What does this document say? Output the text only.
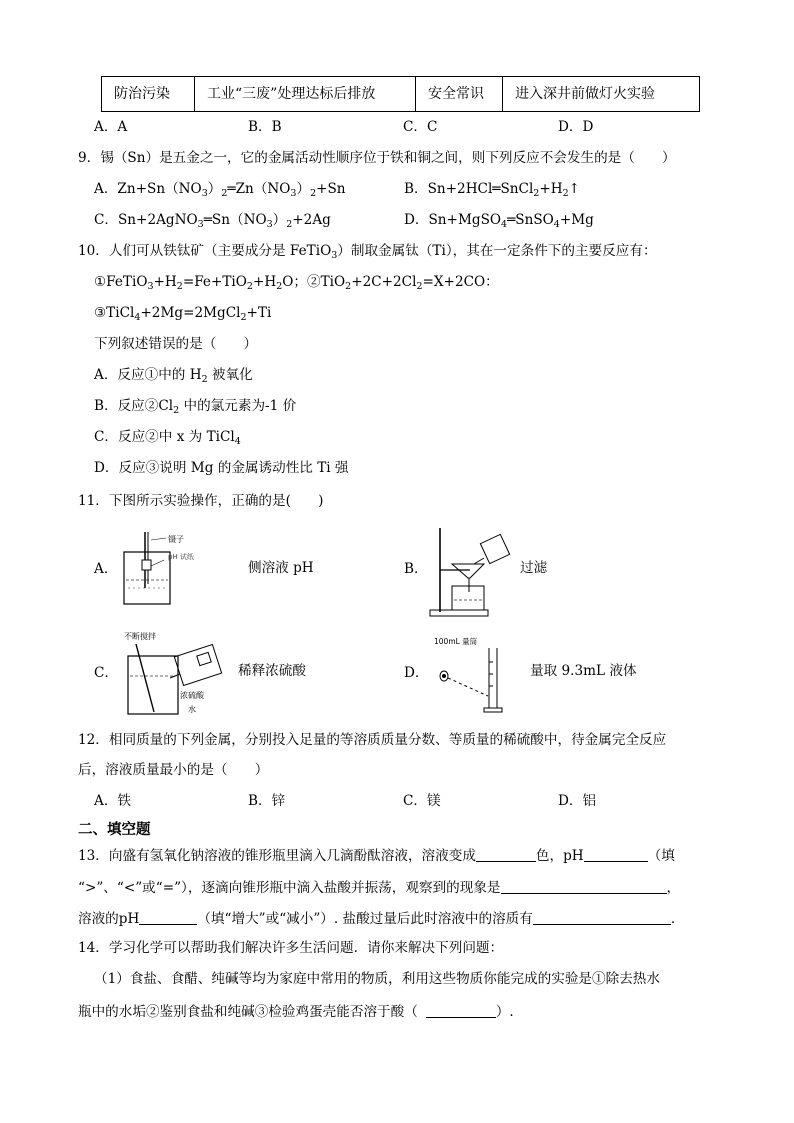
防治污染	工业“三废”处理达标后排放	安全常识	进入深井前做灯火实验
A．A	B．B	C．C	D．D
9．锡（Sn）是五金之一，它的金属活动性顺序位于铁和铜之间，则下列反应不会发生的是（　　）
A．$Zn+Sn(NO_3)_2═Zn(NO_3)_2+Sn$	B．$Sn+2HCl═SnCl_2+H_2↑$
C．$Sn+2AgNO_3═Sn(NO_3)_2+2Ag$	D．Sn+MgSO$_4$═SnSO$_4$+Mg
10．人们可从铁钛矿（主要成分是 FeTiO$_3$）制取金属钛（Ti），其在一定条件下的主要反应有：
$①FeTiO_3+H_2=Fe+TiO_2+H_2O$；$②TiO_2+2C+2Cl_2=X+2CO$：
③TiCl$_4$+2Mg=2MgCl$_2$+Ti
下列叙述错误的是（　　）
A．反应①中的 $H_2$ 被氧化
B．反应$②Cl_2$ 中的氯元素为-1 价
C．反应②中 x 为 TiCl$_4$
D．反应③说明 Mg 的金属诱动性比 Ti 强
11．下图所示实验操作，正确的是(　　)
A．
镊子
pH 试纸
侧溶液 pH	B．	过滤
C．
不断搅拌
浓硫酸
水
稀释浓硫酸	D．
100mL 量筒
量取 9.3mL 液体
12．相同质量的下列金属，分别投入足量的等溶质质量分数、等质量的稀硫酸中，待金属完全反应
后，溶液质量最小的是（　　）
A．铁	B．锌	C．镁	D．铝
二、填空题
13．向盛有氢氧化钠溶液的锥形瓶里滴入几滴酚酞溶液，溶液变成	色，pH	（填
“>”、“<”或“=”），逐滴向锥形瓶中滴入盐酸并振荡，观察到的现象是	，
溶液的pH	（填“增大”或“减小”）. 盐酸过量后此时溶液中的溶质有	.
14．学习化学可以帮助我们解决许多生活问题．请你来解决下列问题：
（1）食盐、食醋、纯碱等均为家庭中常用的物质，利用这些物质你能完成的实验是①除去热水
瓶中的水垢②鉴别食盐和纯碱③检验鸡蛋壳能否溶于酸（	）.
